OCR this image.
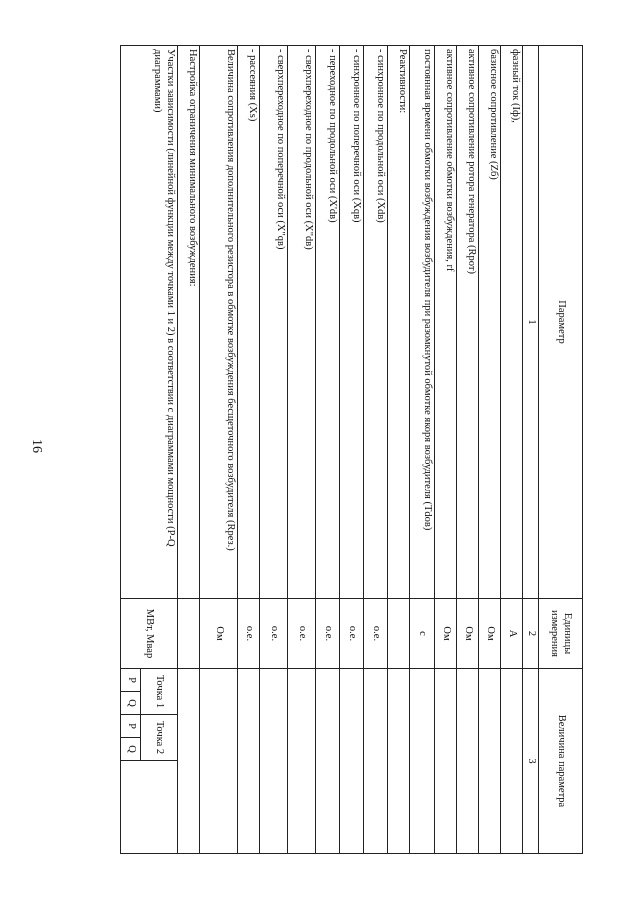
16
Параметр	Единицы измерения	Величина параметра				
1	2	3				
фазный ток (Iф),	А					
базисное сопротивление (Zб)	Ом					
активное сопротивление ротора генератора (Rрот)	Ом					
активное сопротивление обмотки возбуждения, rf	Ом					
постоянная времени обмотки возбуждения возбудителя при разомкнутой обмотке якоря возбудителя (Tdoв)	с					
Реактивности:						
- синхронное по продольной оси (Xdв)	о.е.					
- синхронное по поперечной оси (Xqв)	о.е.					
- переходное по продольной оси (X'dв)	о.е.					
- сверхпереходное по продольной оси (X"dв)	о.е.					
- сверхпереходное по поперечной оси (X"qв)	о.е.					
- рассеяния (Xs)	о.е.					
Величина сопротивления дополнительного резистора в обмотке возбуждения бесщеточного возбудителя (Rрез.)	Ом					
Настройка ограничения минимального возбуждения:						
Участки зависимости (линейной функции между точками 1 и 2) в соответствии с диаграммами мощности (P-Q диаграммами)	МВт, Мвар	Точка 1		Точка 2		
		P	Q	P	Q	
